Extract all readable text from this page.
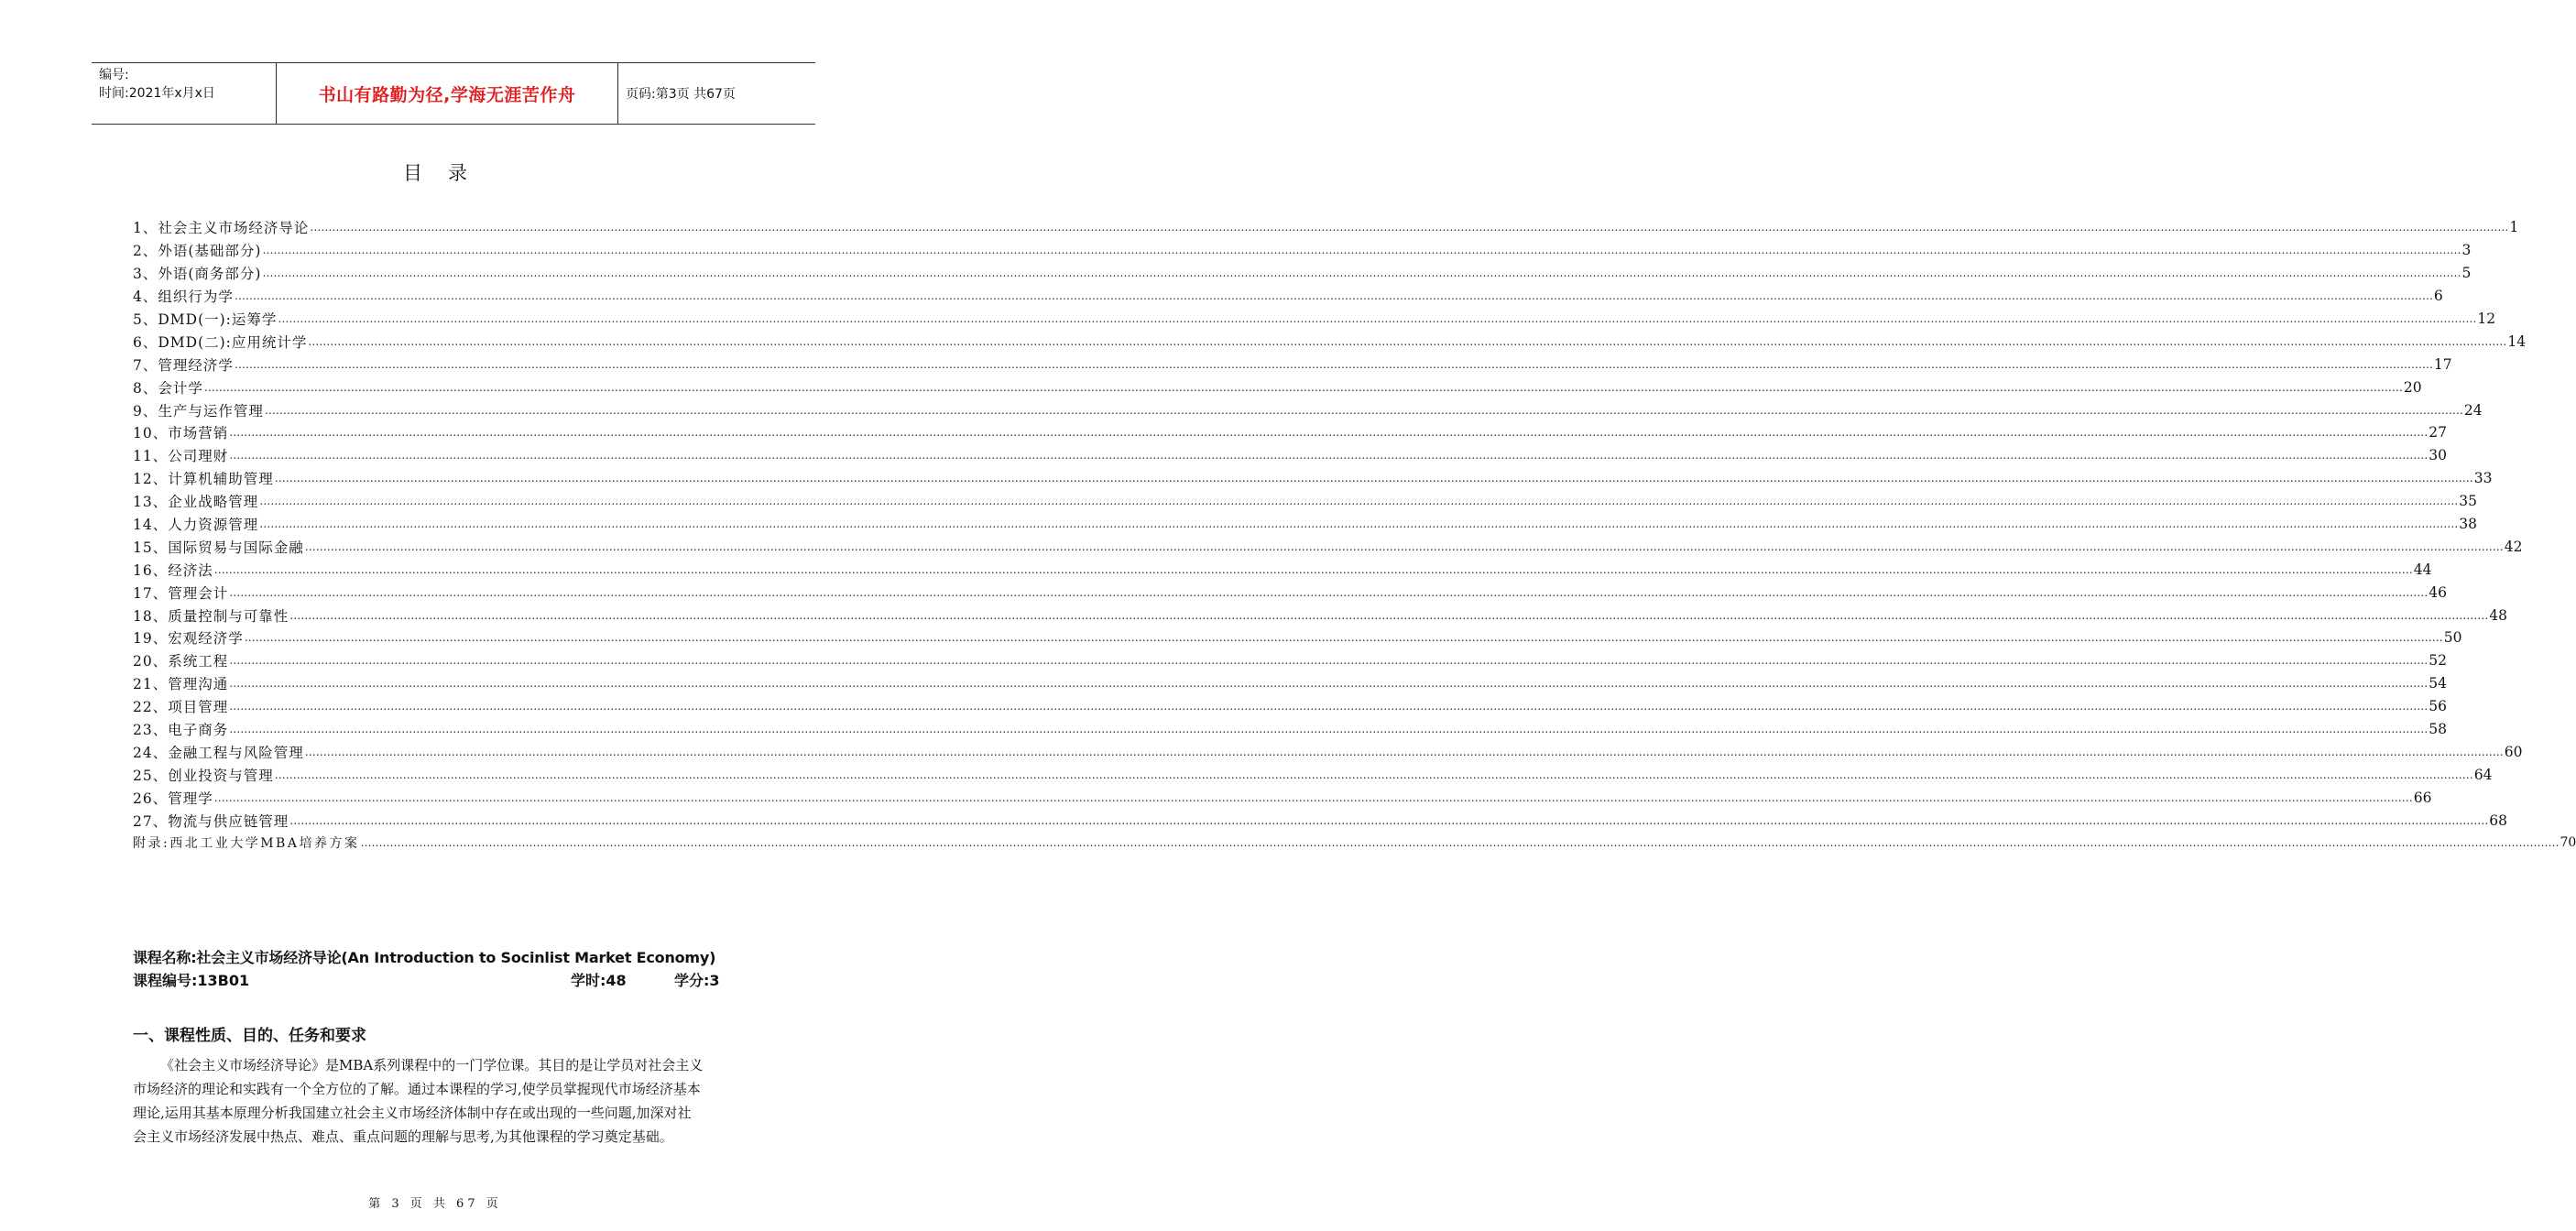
编号:
时间:2021年x月x日	书山有路勤为径,学海无涯苦作舟	页码:第3页 共67页
目录
1、社会主义市场经济导论 …………………………………………………………………………………………………………………………………………………………………………………………………………………………………………………………………………………………………………………………………………………………………………………………………………………………………………………………………………………………………………………………………………………… 1
2、外语(基础部分) …………………………………………………………………………………………………………………………………………………………………………………………………………………………………………………………………………………………………………………………………………………………………………………………………………………………………………………………………………………………………………………………………………………… 3
3、外语(商务部分) …………………………………………………………………………………………………………………………………………………………………………………………………………………………………………………………………………………………………………………………………………………………………………………………………………………………………………………………………………………………………………………………………………………… 5
4、组织行为学 …………………………………………………………………………………………………………………………………………………………………………………………………………………………………………………………………………………………………………………………………………………………………………………………………………………………………………………………………………………………………………………………………………………… 6
5、DMD(一):运筹学 …………………………………………………………………………………………………………………………………………………………………………………………………………………………………………………………………………………………………………………………………………………………………………………………………………………………………………………………………………………………………………………………………………………… 12
6、DMD(二):应用统计学 …………………………………………………………………………………………………………………………………………………………………………………………………………………………………………………………………………………………………………………………………………………………………………………………………………………………………………………………………………………………………………………………………………………… 14
7、管理经济学 …………………………………………………………………………………………………………………………………………………………………………………………………………………………………………………………………………………………………………………………………………………………………………………………………………………………………………………………………………………………………………………………………………………… 17
8、会计学 …………………………………………………………………………………………………………………………………………………………………………………………………………………………………………………………………………………………………………………………………………………………………………………………………………………………………………………………………………………………………………………………………………………… 20
9、生产与运作管理 …………………………………………………………………………………………………………………………………………………………………………………………………………………………………………………………………………………………………………………………………………………………………………………………………………………………………………………………………………………………………………………………………………………… 24
10、市场营销 …………………………………………………………………………………………………………………………………………………………………………………………………………………………………………………………………………………………………………………………………………………………………………………………………………………………………………………………………………………………………………………………………………………… 27
11、公司理财 …………………………………………………………………………………………………………………………………………………………………………………………………………………………………………………………………………………………………………………………………………………………………………………………………………………………………………………………………………………………………………………………………………………… 30
12、计算机辅助管理 …………………………………………………………………………………………………………………………………………………………………………………………………………………………………………………………………………………………………………………………………………………………………………………………………………………………………………………………………………………………………………………………………………………… 33
13、企业战略管理 …………………………………………………………………………………………………………………………………………………………………………………………………………………………………………………………………………………………………………………………………………………………………………………………………………………………………………………………………………………………………………………………………………………… 35
14、人力资源管理 …………………………………………………………………………………………………………………………………………………………………………………………………………………………………………………………………………………………………………………………………………………………………………………………………………………………………………………………………………………………………………………………………………………… 38
15、国际贸易与国际金融 …………………………………………………………………………………………………………………………………………………………………………………………………………………………………………………………………………………………………………………………………………………………………………………………………………………………………………………………………………………………………………………………………………………… 42
16、经济法 …………………………………………………………………………………………………………………………………………………………………………………………………………………………………………………………………………………………………………………………………………………………………………………………………………………………………………………………………………………………………………………………………………………… 44
17、管理会计 …………………………………………………………………………………………………………………………………………………………………………………………………………………………………………………………………………………………………………………………………………………………………………………………………………………………………………………………………………………………………………………………………………………… 46
18、质量控制与可靠性 …………………………………………………………………………………………………………………………………………………………………………………………………………………………………………………………………………………………………………………………………………………………………………………………………………………………………………………………………………………………………………………………………………………… 48
19、宏观经济学 …………………………………………………………………………………………………………………………………………………………………………………………………………………………………………………………………………………………………………………………………………………………………………………………………………………………………………………………………………………………………………………………………………………… 50
20、系统工程 …………………………………………………………………………………………………………………………………………………………………………………………………………………………………………………………………………………………………………………………………………………………………………………………………………………………………………………………………………………………………………………………………………………… 52
21、管理沟通 …………………………………………………………………………………………………………………………………………………………………………………………………………………………………………………………………………………………………………………………………………………………………………………………………………………………………………………………………………………………………………………………………………………… 54
22、项目管理 …………………………………………………………………………………………………………………………………………………………………………………………………………………………………………………………………………………………………………………………………………………………………………………………………………………………………………………………………………………………………………………………………………………… 56
23、电子商务 …………………………………………………………………………………………………………………………………………………………………………………………………………………………………………………………………………………………………………………………………………………………………………………………………………………………………………………………………………………………………………………………………………………… 58
24、金融工程与风险管理 …………………………………………………………………………………………………………………………………………………………………………………………………………………………………………………………………………………………………………………………………………………………………………………………………………………………………………………………………………………………………………………………………………………… 60
25、创业投资与管理 …………………………………………………………………………………………………………………………………………………………………………………………………………………………………………………………………………………………………………………………………………………………………………………………………………………………………………………………………………………………………………………………………………………… 64
26、管理学 …………………………………………………………………………………………………………………………………………………………………………………………………………………………………………………………………………………………………………………………………………………………………………………………………………………………………………………………………………………………………………………………………………………… 66
27、物流与供应链管理 …………………………………………………………………………………………………………………………………………………………………………………………………………………………………………………………………………………………………………………………………………………………………………………………………………………………………………………………………………………………………………………………………………………… 68
附录:西北工业大学MBA培养方案 …………………………………………………………………………………………………………………………………………………………………………………………………………………………………………………………………………………………………………………………………………………………………………………………………………………………………………………………………………………………………………………………………………………… 70
课程名称:社会主义市场经济导论(An Introduction to Socinlist Market Economy)
课程编号:13B01	学时:48	学分:3
一、课程性质、目的、任务和要求
《社会主义市场经济导论》是MBA系列课程中的一门学位课。其目的是让学员对社会主义
市场经济的理论和实践有一个全方位的了解。通过本课程的学习,使学员掌握现代市场经济基本
理论,运用其基本原理分析我国建立社会主义市场经济体制中存在或出现的一些问题,加深对社
会主义市场经济发展中热点、难点、重点问题的理解与思考,为其他课程的学习奠定基础。
第 3 页 共 67 页
